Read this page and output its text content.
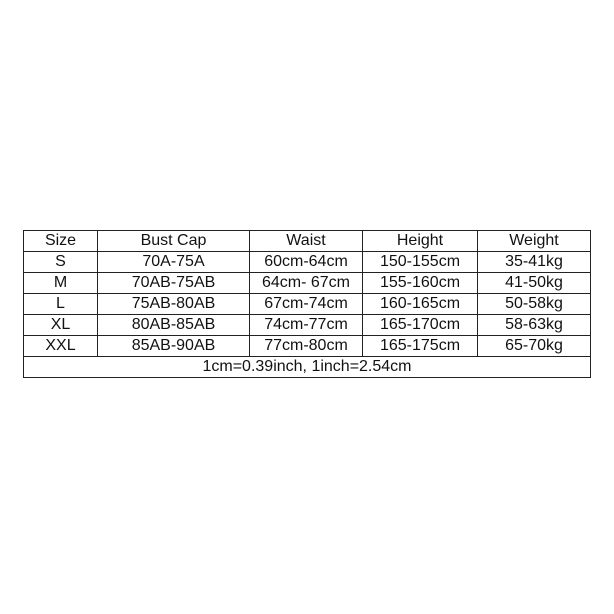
Size	Bust Cap	Waist	Height	Weight
S	70A-75A	60cm-64cm	150-155cm	35-41kg
M	70AB-75AB	64cm- 67cm	155-160cm	41-50kg
L	75AB-80AB	67cm-74cm	160-165cm	50-58kg
XL	80AB-85AB	74cm-77cm	165-170cm	58-63kg
XXL	85AB-90AB	77cm-80cm	165-175cm	65-70kg
1cm=0.39inch, 1inch=2.54cm				
